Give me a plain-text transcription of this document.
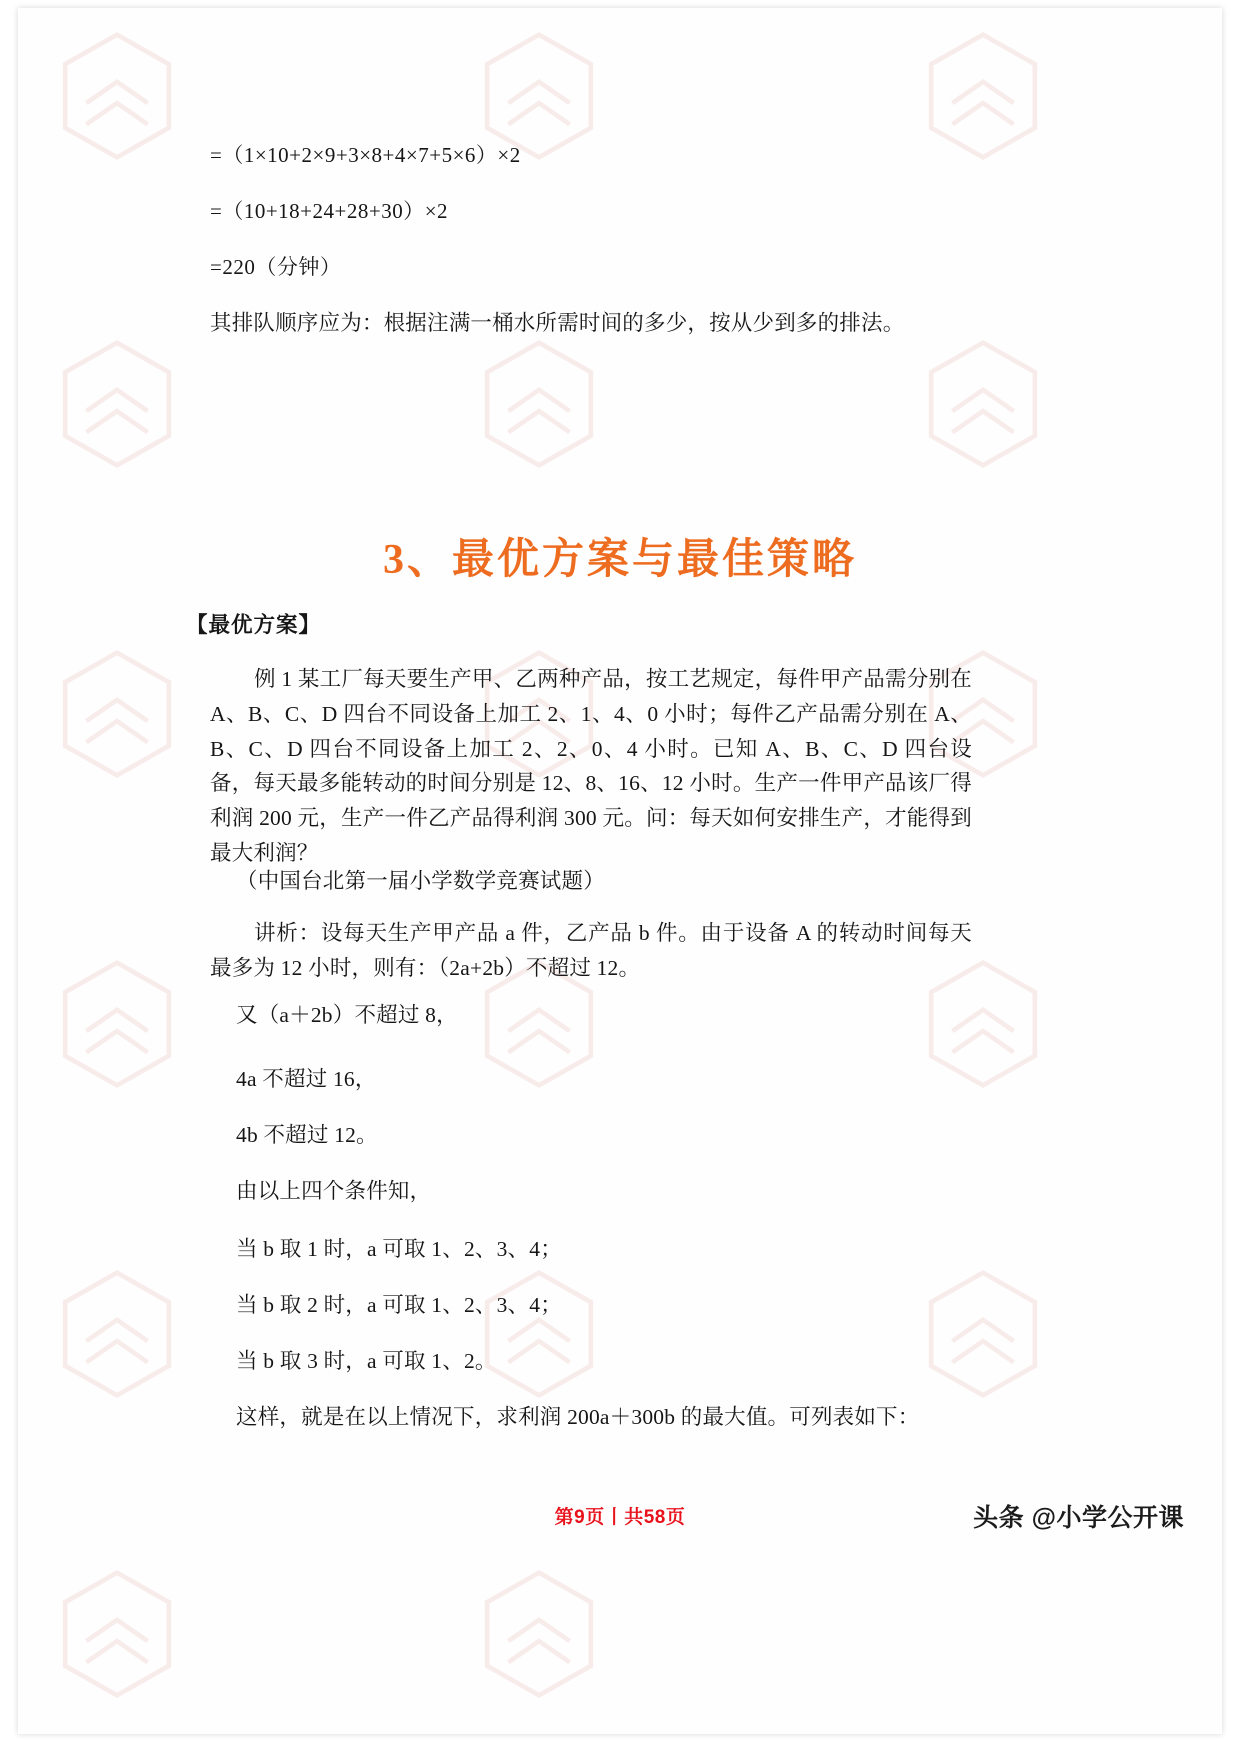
=（1×10+2×9+3×8+4×7+5×6）×2
=（10+18+24+28+30）×2
=220（分钟）
其排队顺序应为：根据注满一桶水所需时间的多少，按从少到多的排法。
3、最优方案与最佳策略
【最优方案】
例 1 某工厂每天要生产甲、乙两种产品，按工艺规定，每件甲产品需分别在 A、B、C、D 四台不同设备上加工 2、1、4、0 小时；每件乙产品需分别在 A、B、C、D 四台不同设备上加工 2、2、0、4 小时。已知 A、B、C、D 四台设备，每天最多能转动的时间分别是 12、8、16、12 小时。生产一件甲产品该厂得利润 200 元，生产一件乙产品得利润 300 元。问：每天如何安排生产，才能得到最大利润？
（中国台北第一届小学数学竞赛试题）
讲析：设每天生产甲产品 a 件，乙产品 b 件。由于设备 A 的转动时间每天最多为 12 小时，则有：（2a+2b）不超过 12。
又（a＋2b）不超过 8，
4a 不超过 16，
4b 不超过 12。
由以上四个条件知，
当 b 取 1 时，a 可取 1、2、3、4；
当 b 取 2 时，a 可取 1、2、3、4；
当 b 取 3 时，a 可取 1、2。
这样，就是在以上情况下，求利润 200a＋300b 的最大值。可列表如下：
第9页丨共58页	头条 @小学公开课
